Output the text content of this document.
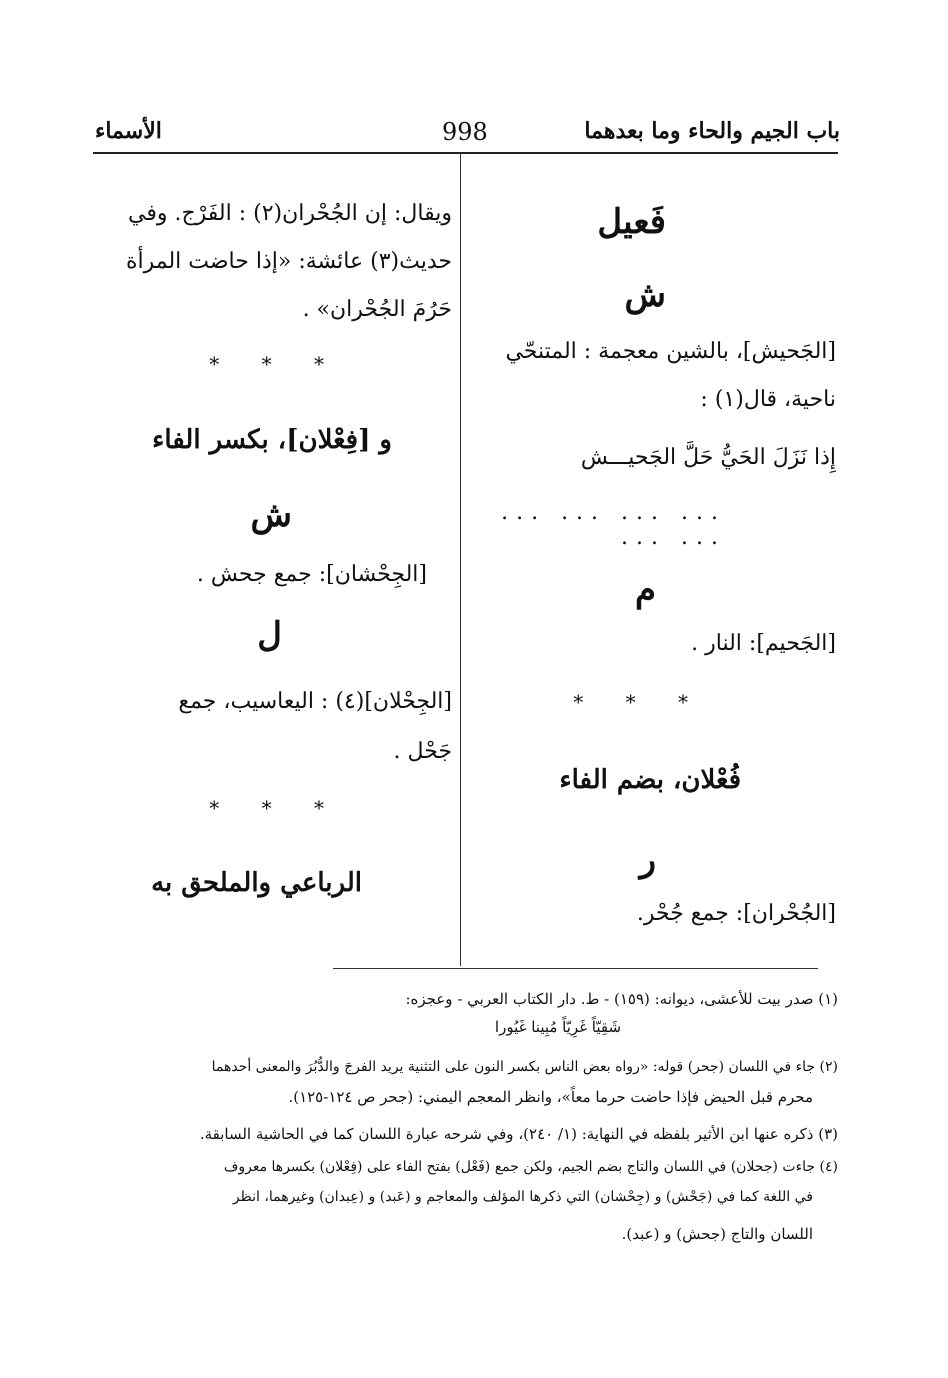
باب الجيم والحاء وما بعدهما
998
الأسماء
فَعيل
ش
[الجَحيش]، بالشين معجمة : المتنحّي
ناحية، قال(١) :
إِذا نَزَلَ الحَيُّ حَلَّ الجَحيـــش
... ... ... ... ... ...
م
[الجَحيم]: النار .
* * *
فُعْلان، بضم الفاء
ر
[الجُحْران]: جمع جُحْر.
ويقال: إن الجُحْران(٢) : الفَرْج. وفي
حديث(٣) عائشة: «إذا حاضت المرأة
حَرُمَ الجُحْران» .
* * *
و [فِعْلان]، بكسر الفاء
ش
[الجِحْشان]: جمع جحش .
ل
[الجِحْلان](٤) : اليعاسيب، جمع
جَحْل .
* * *
الرباعي والملحق به
(١) صدر بيت للأعشى، ديوانه: (١٥٩) - ط. دار الكتاب العربي - وعجزه:
شَقِيّاً غَرِيّاً مُبِينا غَيُورا
(٢) جاء في اللسان (جحر) قوله: «رواه بعض الناس بكسر النون على التثنية يريد الفرجَ والدُّبُرَ والمعنى أحدهما
محرم قبل الحيض فإذا حاضت حرما معاً»، وانظر المعجم اليمني: (جحر ص ١٢٤-١٢٥).
(٣) ذكره عنها ابن الأثير بلفظه في النهاية: (١/ ٢٤٠)، وفي شرحه عبارة اللسان كما في الحاشية السابقة.
(٤) جاءت (جحلان) في اللسان والتاج بضم الجيم، ولكن جمع (فَعْل) بفتح الفاء على (فِعْلان) بكسرها معروف
في اللغة كما في (جَحْش) و (جِحْشان) التي ذكرها المؤلف والمعاجم و (عَبد) و (عِبدان) وغيرهما، انظر
اللسان والتاج (جحش) و (عبد).
